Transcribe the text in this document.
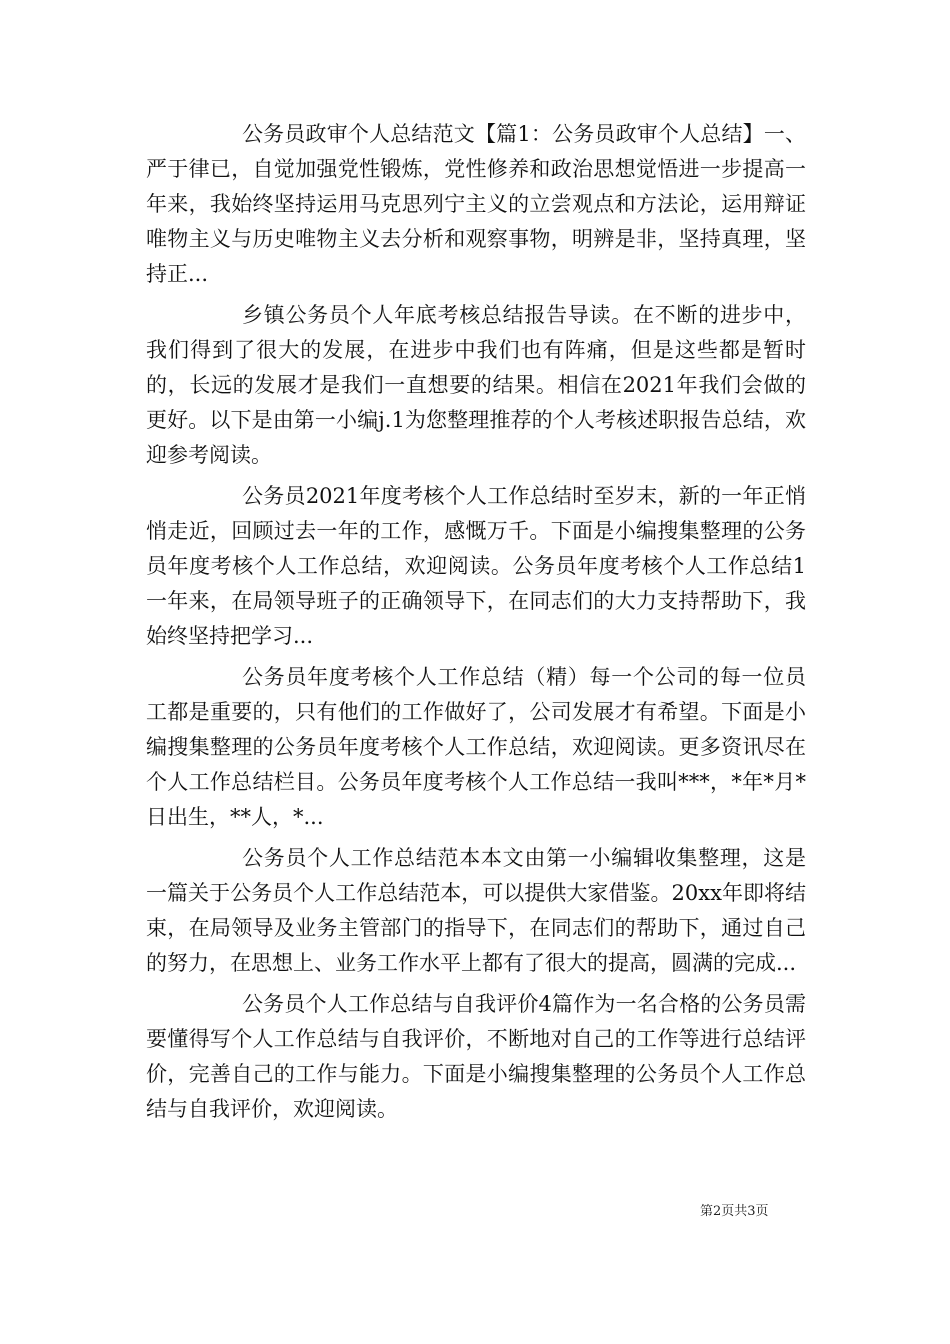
公务员政审个人总结范文【篇1：公务员政审个人总结】一、严于律已，自觉加强党性锻炼，党性修养和政治思想觉悟进一步提高一年来，我始终坚持运用马克思列宁主义的立尝观点和方法论，运用辩证唯物主义与历史唯物主义去分析和观察事物，明辨是非，坚持真理，坚持正...

乡镇公务员个人年底考核总结报告导读。在不断的进步中，我们得到了很大的发展，在进步中我们也有阵痛，但是这些都是暂时的，长远的发展才是我们一直想要的结果。相信在2021年我们会做的更好。以下是由第一小编j.1为您整理推荐的个人考核述职报告总结，欢迎参考阅读。

公务员2021年度考核个人工作总结时至岁末，新的一年正悄悄走近，回顾过去一年的工作，感慨万千。下面是小编搜集整理的公务员年度考核个人工作总结，欢迎阅读。公务员年度考核个人工作总结1一年来，在局领导班子的正确领导下，在同志们的大力支持帮助下，我始终坚持把学习...

公务员年度考核个人工作总结（精）每一个公司的每一位员工都是重要的，只有他们的工作做好了，公司发展才有希望。下面是小编搜集整理的公务员年度考核个人工作总结，欢迎阅读。更多资讯尽在个人工作总结栏目。公务员年度考核个人工作总结一我叫***，*年*月*日出生，**人，*...

公务员个人工作总结范本本文由第一小编辑收集整理，这是一篇关于公务员个人工作总结范本，可以提供大家借鉴。20xx年即将结束，在局领导及业务主管部门的指导下，在同志们的帮助下，通过自己的努力，在思想上、业务工作水平上都有了很大的提高，圆满的完成...

公务员个人工作总结与自我评价4篇作为一名合格的公务员需要懂得写个人工作总结与自我评价，不断地对自己的工作等进行总结评价，完善自己的工作与能力。下面是小编搜集整理的公务员个人工作总结与自我评价，欢迎阅读。

第2页共3页
